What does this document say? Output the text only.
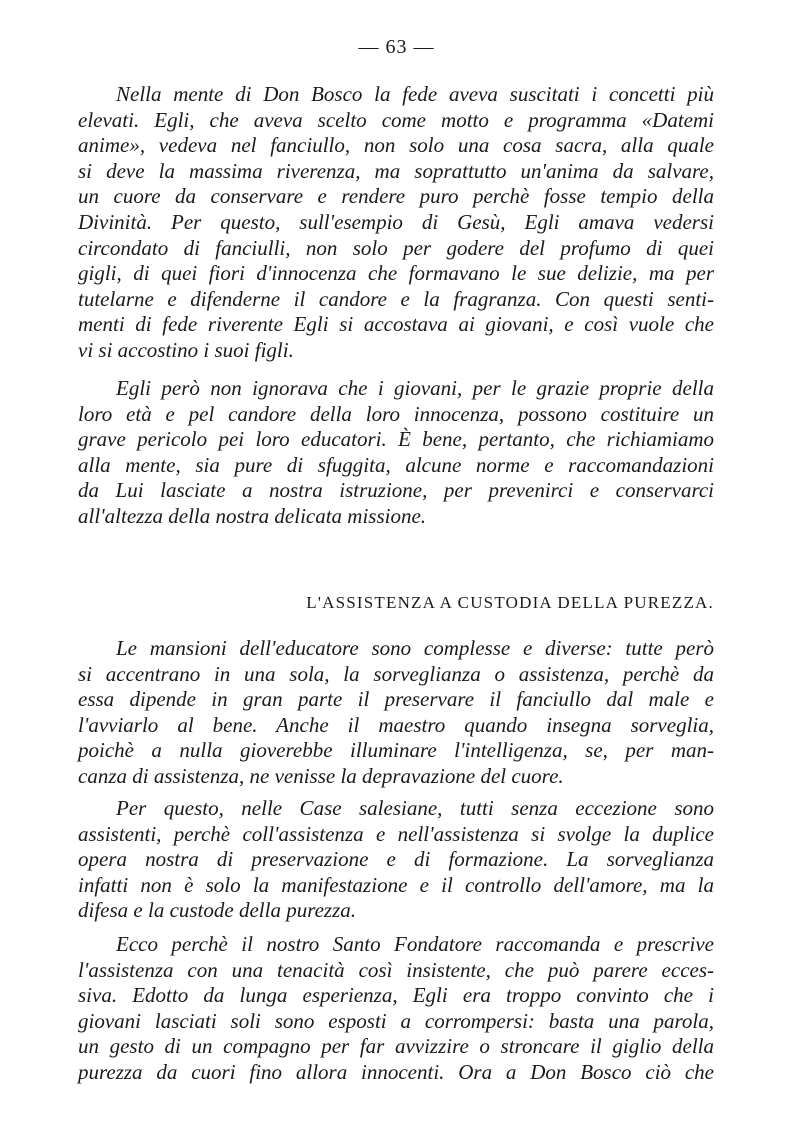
— 63 —
Nella mente di Don Bosco la fede aveva suscitati i concetti più
elevati. Egli, che aveva scelto come motto e programma «Datemi
anime», vedeva nel fanciullo, non solo una cosa sacra, alla quale
si deve la massima riverenza, ma soprattutto un'anima da salvare,
un cuore da conservare e rendere puro perchè fosse tempio della
Divinità. Per questo, sull'esempio di Gesù, Egli amava vedersi
circondato di fanciulli, non solo per godere del profumo di quei
gigli, di quei fiori d'innocenza che formavano le sue delizie, ma per
tutelarne e difenderne il candore e la fragranza. Con questi senti-
menti di fede riverente Egli si accostava ai giovani, e così vuole che
vi si accostino i suoi figli.
Egli però non ignorava che i giovani, per le grazie proprie della
loro età e pel candore della loro innocenza, possono costituire un
grave pericolo pei loro educatori. È bene, pertanto, che richiamiamo
alla mente, sia pure di sfuggita, alcune norme e raccomandazioni
da Lui lasciate a nostra istruzione, per prevenirci e conservarci
all'altezza della nostra delicata missione.
L'ASSISTENZA A CUSTODIA DELLA PUREZZA.
Le mansioni dell'educatore sono complesse e diverse: tutte però
si accentrano in una sola, la sorveglianza o assistenza, perchè da
essa dipende in gran parte il preservare il fanciullo dal male e
l'avviarlo al bene. Anche il maestro quando insegna sorveglia,
poichè a nulla gioverebbe illuminare l'intelligenza, se, per man-
canza di assistenza, ne venisse la depravazione del cuore.
Per questo, nelle Case salesiane, tutti senza eccezione sono
assistenti, perchè coll'assistenza e nell'assistenza si svolge la duplice
opera nostra di preservazione e di formazione. La sorveglianza
infatti non è solo la manifestazione e il controllo dell'amore, ma la
difesa e la custode della purezza.
Ecco perchè il nostro Santo Fondatore raccomanda e prescrive
l'assistenza con una tenacità così insistente, che può parere ecces-
siva. Edotto da lunga esperienza, Egli era troppo convinto che i
giovani lasciati soli sono esposti a corrompersi: basta una parola,
un gesto di un compagno per far avvizzire o stroncare il giglio della
purezza da cuori fino allora innocenti. Ora a Don Bosco ciò che
